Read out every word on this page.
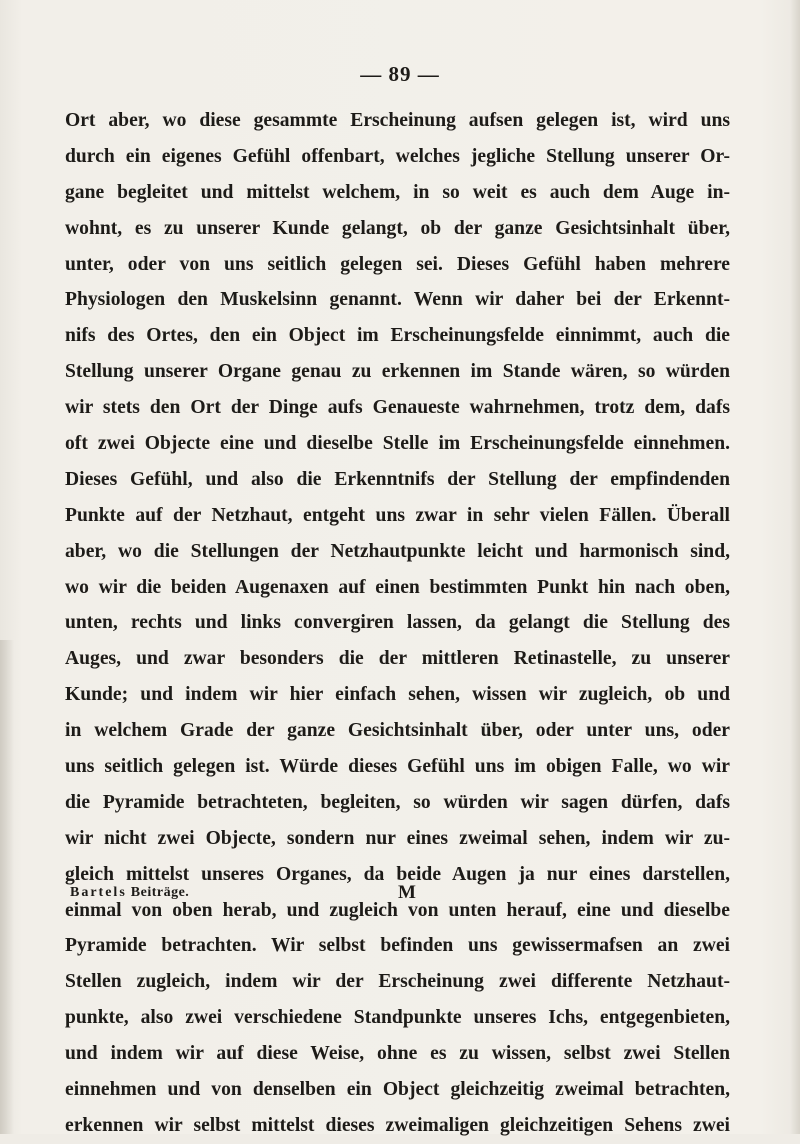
— 89 —
Ort aber, wo diese gesammte Erscheinung aufsen gelegen ist, wird uns
durch ein eigenes Gefühl offenbart, welches jegliche Stellung unserer Or-
gane begleitet und mittelst welchem, in so weit es auch dem Auge in-
wohnt, es zu unserer Kunde gelangt, ob der ganze Gesichtsinhalt über,
unter, oder von uns seitlich gelegen sei. Dieses Gefühl haben mehrere
Physiologen den Muskelsinn genannt. Wenn wir daher bei der Erkennt-
nifs des Ortes, den ein Object im Erscheinungsfelde einnimmt, auch die
Stellung unserer Organe genau zu erkennen im Stande wären, so würden
wir stets den Ort der Dinge aufs Genaueste wahrnehmen, trotz dem, dafs
oft zwei Objecte eine und dieselbe Stelle im Erscheinungsfelde einnehmen.
Dieses Gefühl, und also die Erkenntnifs der Stellung der empfindenden
Punkte auf der Netzhaut, entgeht uns zwar in sehr vielen Fällen. Überall
aber, wo die Stellungen der Netzhautpunkte leicht und harmonisch sind,
wo wir die beiden Augenaxen auf einen bestimmten Punkt hin nach oben,
unten, rechts und links convergiren lassen, da gelangt die Stellung des
Auges, und zwar besonders die der mittleren Retinastelle, zu unserer
Kunde; und indem wir hier einfach sehen, wissen wir zugleich, ob und
in welchem Grade der ganze Gesichtsinhalt über, oder unter uns, oder
uns seitlich gelegen ist. Würde dieses Gefühl uns im obigen Falle, wo wir
die Pyramide betrachteten, begleiten, so würden wir sagen dürfen, dafs
wir nicht zwei Objecte, sondern nur eines zweimal sehen, indem wir zu-
gleich mittelst unseres Organes, da beide Augen ja nur eines darstellen,
einmal von oben herab, und zugleich von unten herauf, eine und dieselbe
Pyramide betrachten. Wir selbst befinden uns gewissermafsen an zwei
Stellen zugleich, indem wir der Erscheinung zwei differente Netzhaut-
punkte, also zwei verschiedene Standpunkte unseres Ichs, entgegenbieten,
und indem wir auf diese Weise, ohne es zu wissen, selbst zwei Stellen
einnehmen und von denselben ein Object gleichzeitig zweimal betrachten,
erkennen wir selbst mittelst dieses zweimaligen gleichzeitigen Sehens zwei
Bartels Beiträge.	M
